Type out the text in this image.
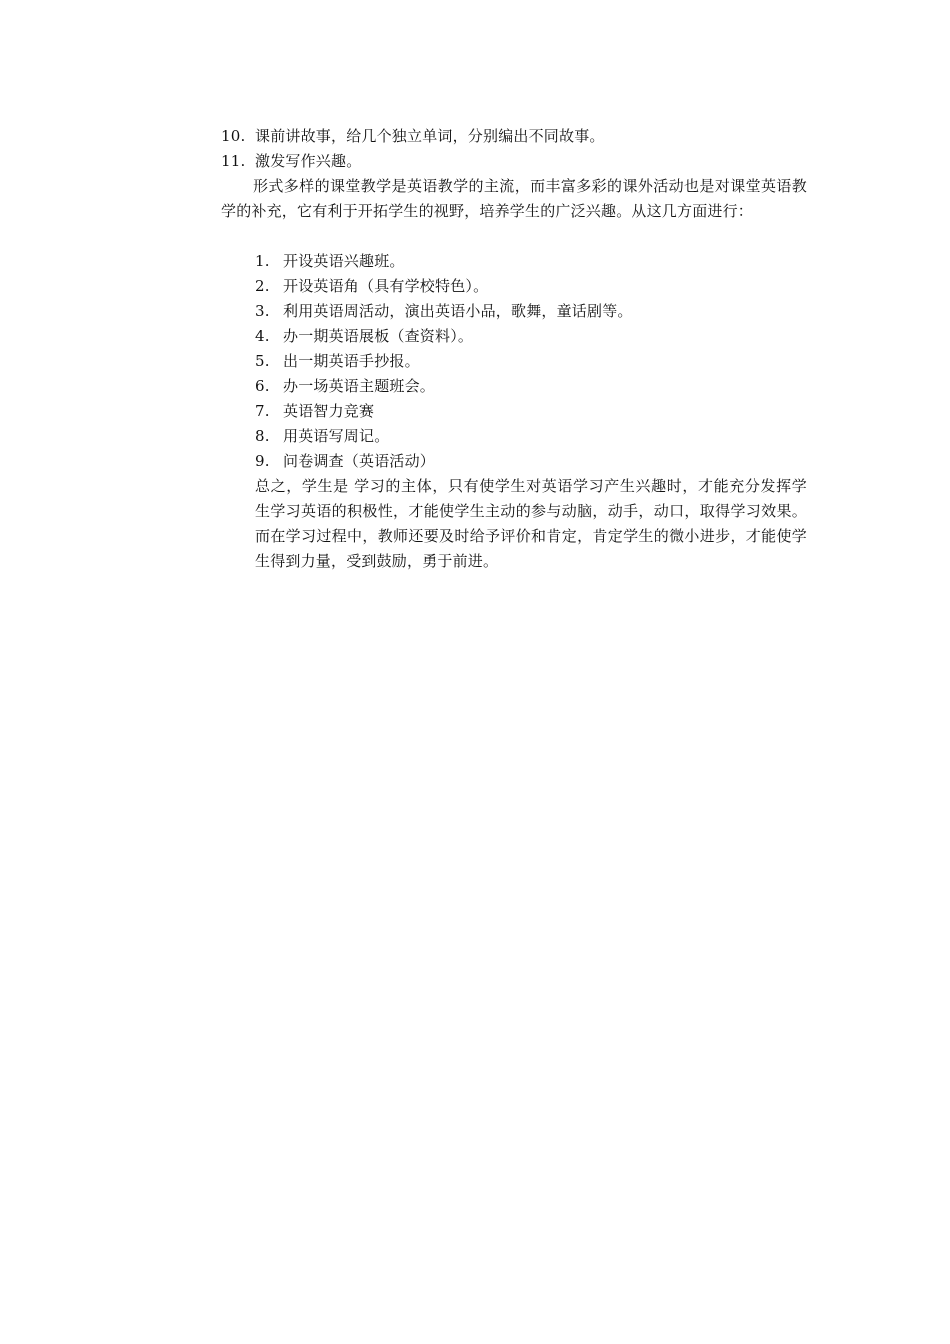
10. 课前讲故事，给几个独立单词，分别编出不同故事。
11. 激发写作兴趣。
形式多样的课堂教学是英语教学的主流，而丰富多彩的课外活动也是对课堂英语教学的补充，它有利于开拓学生的视野，培养学生的广泛兴趣。从这几方面进行：
1. 开设英语兴趣班。
2. 开设英语角（具有学校特色）。
3. 利用英语周活动，演出英语小品，歌舞，童话剧等。
4. 办一期英语展板（查资料）。
5. 出一期英语手抄报。
6. 办一场英语主题班会。
7. 英语智力竞赛
8. 用英语写周记。
9. 问卷调查（英语活动）
总之，学生是 学习的主体，只有使学生对英语学习产生兴趣时，才能充分发挥学生学习英语的积极性，才能使学生主动的参与动脑，动手，动口，取得学习效果。而在学习过程中，教师还要及时给予评价和肯定，肯定学生的微小进步，才能使学生得到力量，受到鼓励，勇于前进。
